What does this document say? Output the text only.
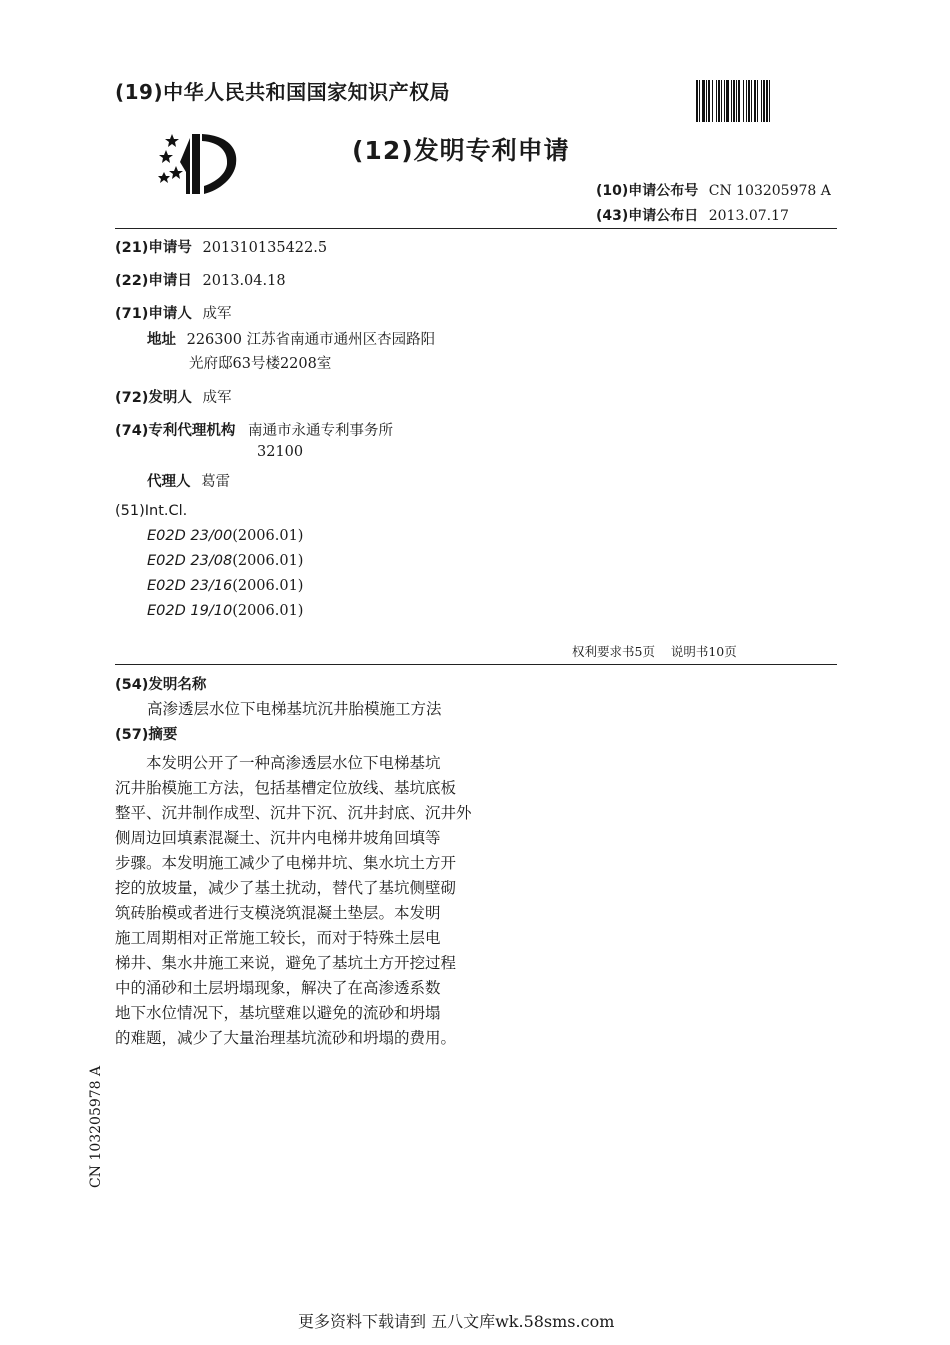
(19)中华人民共和国国家知识产权局
(12)发明专利申请
(10)申请公布号 CN 103205978 A
(43)申请公布日 2013.07.17
(21)申请号 201310135422.5
(22)申请日 2013.04.18
(71)申请人 成军
地址 226300 江苏省南通市通州区杏园路阳
光府邸63号楼2208室
(72)发明人 成军
(74)专利代理机构 南通市永通专利事务所
32100
代理人 葛雷
(51)Int.Cl.
E02D 23/00(2006.01)
E02D 23/08(2006.01)
E02D 23/16(2006.01)
E02D 19/10(2006.01)
权利要求书5页    说明书10页
(54)发明名称
高渗透层水位下电梯基坑沉井胎模施工方法
(57)摘要
　　本发明公开了一种高渗透层水位下电梯基坑
沉井胎模施工方法，包括基槽定位放线、基坑底板
整平、沉井制作成型、沉井下沉、沉井封底、沉井外
侧周边回填素混凝土、沉井内电梯井坡角回填等
步骤。本发明施工减少了电梯井坑、集水坑土方开
挖的放坡量，减少了基土扰动，替代了基坑侧壁砌
筑砖胎模或者进行支模浇筑混凝土垫层。本发明
施工周期相对正常施工较长，而对于特殊土层电
梯井、集水井施工来说，避免了基坑土方开挖过程
中的涌砂和土层坍塌现象，解决了在高渗透系数
地下水位情况下，基坑壁难以避免的流砂和坍塌
的难题，减少了大量治理基坑流砂和坍塌的费用。
CN 103205978 A
更多资料下载请到 五八文库wk.58sms.com
